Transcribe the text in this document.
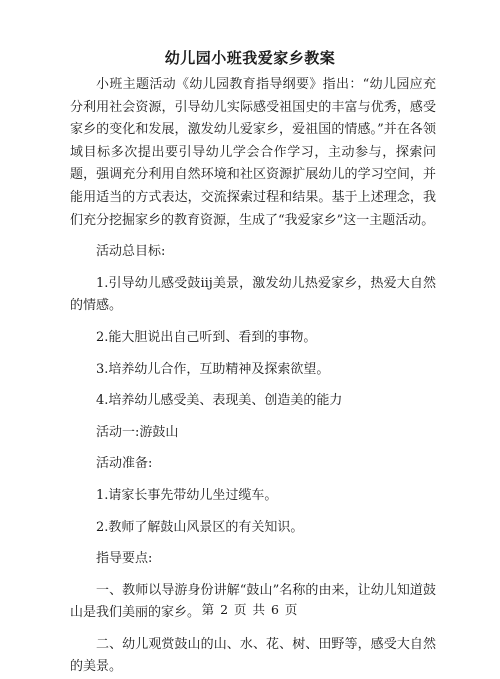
幼儿园小班我爱家乡教案

小班主题活动《幼儿园教育指导纲要》指出：“幼儿园应充分利用社会资源，引导幼儿实际感受祖国史的丰富与优秀，感受家乡的变化和发展，激发幼儿爱家乡，爱祖国的情感。”并在各领域目标多次提出要引导幼儿学会合作学习，主动参与，探索问题，强调充分利用自然环境和社区资源扩展幼儿的学习空间，并能用适当的方式表达，交流探索过程和结果。基于上述理念，我们充分挖掘家乡的教育资源，生成了“我爱家乡”这一主题活动。

活动总目标:

1.引导幼儿感受鼓iij美景，激发幼儿热爱家乡，热爱大自然的情感。

2.能大胆说出自己听到、看到的事物。

3.培养幼儿合作，互助精神及探索欲望。

4.培养幼儿感受美、表现美、创造美的能力

活动一:游鼓山

活动准备:

1.请家长事先带幼儿坐过缆车。

2.教师了解鼓山风景区的有关知识。

指导要点:

一、教师以导游身份讲解“鼓山”名称的由来，让幼儿知道鼓山是我们美丽的家乡。

二、幼儿观赏鼓山的山、水、花、树、田野等，感受大自然的美景。

第 2 页 共 6 页
